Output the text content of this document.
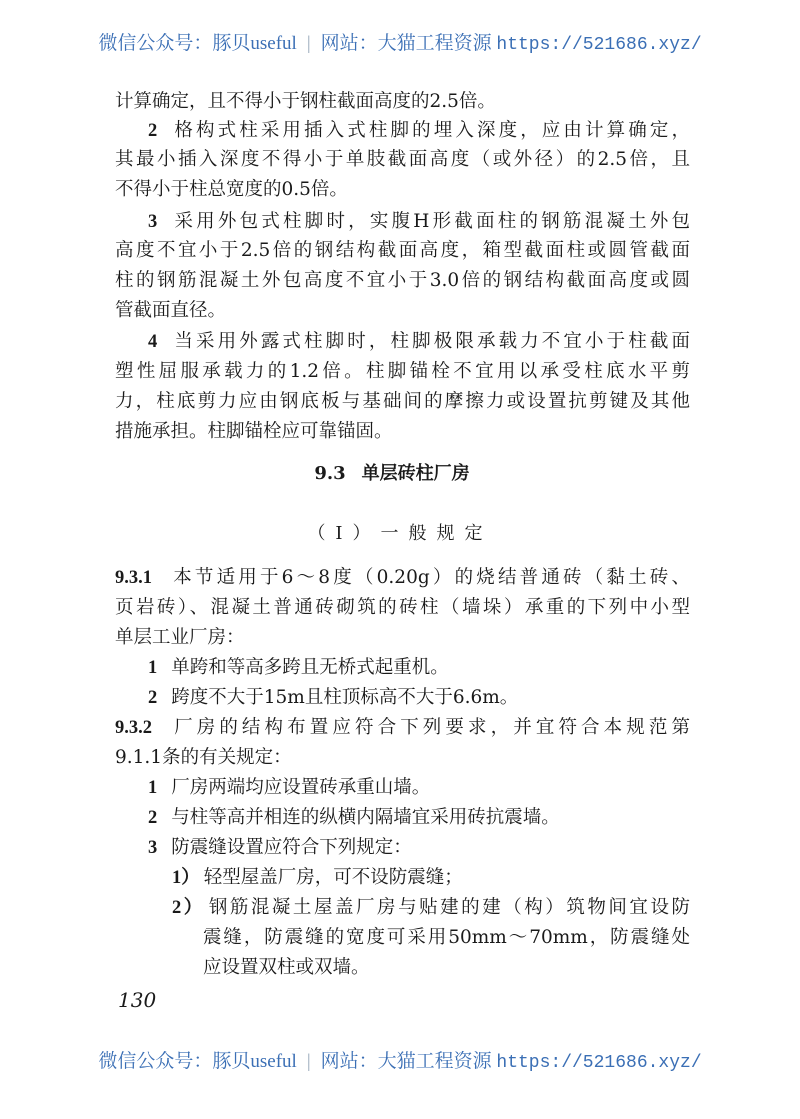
微信公众号：豚贝useful | 网站：大猫工程资源 https://521686.xyz/
计算确定，且不得小于钢柱截面高度的2.5倍。
2 格构式柱采用插入式柱脚的埋入深度，应由计算确定，
其最小插入深度不得小于单肢截面高度（或外径）的2.5倍，且
不得小于柱总宽度的0.5倍。
3 采用外包式柱脚时，实腹H形截面柱的钢筋混凝土外包
高度不宜小于2.5倍的钢结构截面高度，箱型截面柱或圆管截面
柱的钢筋混凝土外包高度不宜小于3.0倍的钢结构截面高度或圆
管截面直径。
4 当采用外露式柱脚时，柱脚极限承载力不宜小于柱截面
塑性屈服承载力的1.2倍。柱脚锚栓不宜用以承受柱底水平剪
力，柱底剪力应由钢底板与基础间的摩擦力或设置抗剪键及其他
措施承担。柱脚锚栓应可靠锚固。
9.3 单层砖柱厂房
（Ⅰ）一般规定
9.3.1 本节适用于6～8度（0.20g）的烧结普通砖（黏土砖、
页岩砖）、混凝土普通砖砌筑的砖柱（墙垛）承重的下列中小型
单层工业厂房：
1 单跨和等高多跨且无桥式起重机。
2 跨度不大于15m且柱顶标高不大于6.6m。
9.3.2 厂房的结构布置应符合下列要求，并宜符合本规范第
9.1.1条的有关规定：
1 厂房两端均应设置砖承重山墙。
2 与柱等高并相连的纵横内隔墙宜采用砖抗震墙。
3 防震缝设置应符合下列规定：
1） 轻型屋盖厂房，可不设防震缝；
2） 钢筋混凝土屋盖厂房与贴建的建（构）筑物间宜设防
震缝，防震缝的宽度可采用50mm～70mm，防震缝处
应设置双柱或双墙。
130
微信公众号：豚贝useful | 网站：大猫工程资源 https://521686.xyz/
